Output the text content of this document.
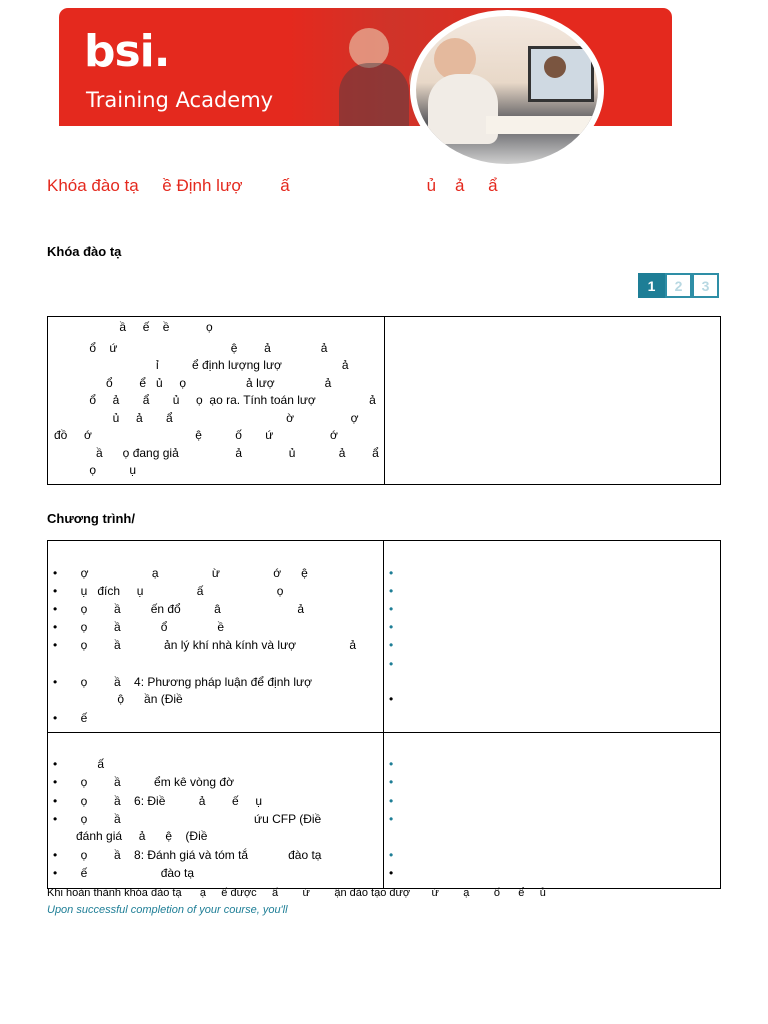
bsi.
Training Academy
Khóa đào tạ     ề Định lượ        ấ                             ủ    ả     ẩ
Khóa đào tạ
1	2	3
ầ     ế    ề           ọ
ổ    ứ                                  ệ        ả               ả
ỉ          ể định lượng lượ                  ả
ổ        ể   ủ     ọ                  ả lượ               ả
ổ     ả       ẩ       ủ     ọ  ạo ra. Tính toán lượ                ả
ủ     ả       ẩ                                  ờ                 ợ
đồ     ớ                               ệ          ố       ứ                 ớ
ầ      ọ đang giả                 ả              ủ             ả        ẩ
ọ          ụ
Chương trình/
• ợ                   ạ                ừ                ớ      ệ
• ụ   đích     ụ                ấ                      ọ
• ọ        ầ         ến đổ          â                       ả
• ọ        ầ            ổ               ề
• ọ        ầ             ản lý khí nhà kính và lượ                ả
• ọ        ầ    4: Phương pháp luận để định lượ
ộ      ần (Điề
• ế
•
•
•
•
•
•
•
• ấ
• ọ        ầ          ểm kê vòng đờ
• ọ        ầ    6: Điề          ả        ế     ụ
• ọ        ầ                                        ứu CFP (Điề
đánh giá     ả      ệ    (Điề
• ọ        ầ    8: Đánh giá và tóm tắ            đào tạ
• ế                      đào tạ
•
•
•
•
•
•
Khi hoàn thành khóa đào tạ      ạ     ế được     ấ        ứ        ận đào tạo đượ       ừ        ạ        ố      ể     ủ
Upon successful completion of your course, you'll
